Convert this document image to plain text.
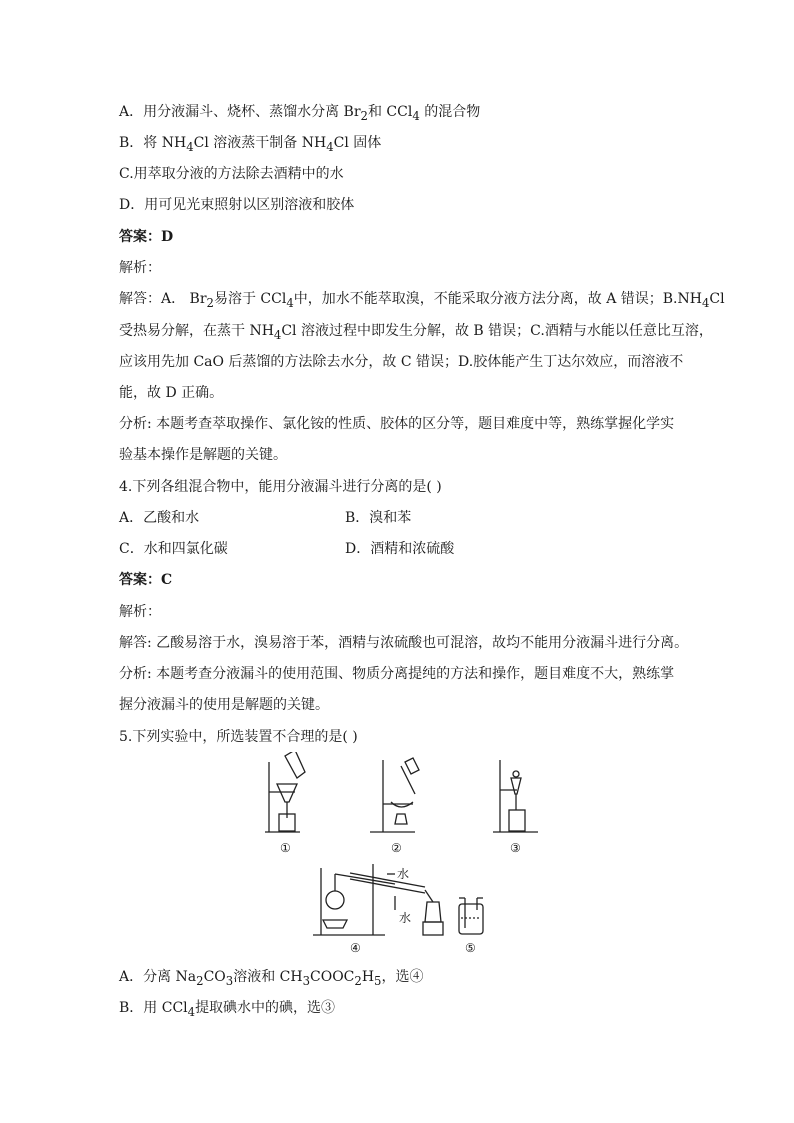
A．用分液漏斗、烧杯、蒸馏水分离 $Br_2$和 CCl$_4$ 的混合物
B．将 $NH_4Cl$ 溶液蒸干制备 $NH_4Cl$ 固体
C.用萃取分液的方法除去酒精中的水
D．用可见光束照射以区别溶液和胶体
答案：D
解析：
解答：A． $Br_2$易溶于 CCl$_4$中，加水不能萃取溴，不能采取分液方法分离，故 A 错误；$B.NH_4Cl$
受热易分解，在蒸干 $NH_4Cl$ 溶液过程中即发生分解，故 B 错误；C.酒精与水能以任意比互溶，
应该用先加 CaO 后蒸馏的方法除去水分，故 C 错误；D.胶体能产生丁达尔效应，而溶液不
能，故 D 正确。
分析: 本题考查萃取操作、氯化铵的性质、胶体的区分等，题目难度中等，熟练掌握化学实
验基本操作是解题的关键。
4.下列各组混合物中，能用分液漏斗进行分离的是( )
A．乙酸和水	B．溴和苯
C．水和四氯化碳	D．酒精和浓硫酸
答案：C
解析：
解答: 乙酸易溶于水，溴易溶于苯，酒精与浓硫酸也可混溶，故均不能用分液漏斗进行分离。
分析: 本题考查分液漏斗的使用范围、物质分离提纯的方法和操作，题目难度不大，熟练掌
握分液漏斗的使用是解题的关键。
5.下列实验中，所选装置不合理的是( )
①	②	③
④	⑤
水
水
A．分离 $Na_2CO_3$溶液和 $CH_3COOC_2H_5$，选④
B．用 CCl$_4$提取碘水中的碘，选③
